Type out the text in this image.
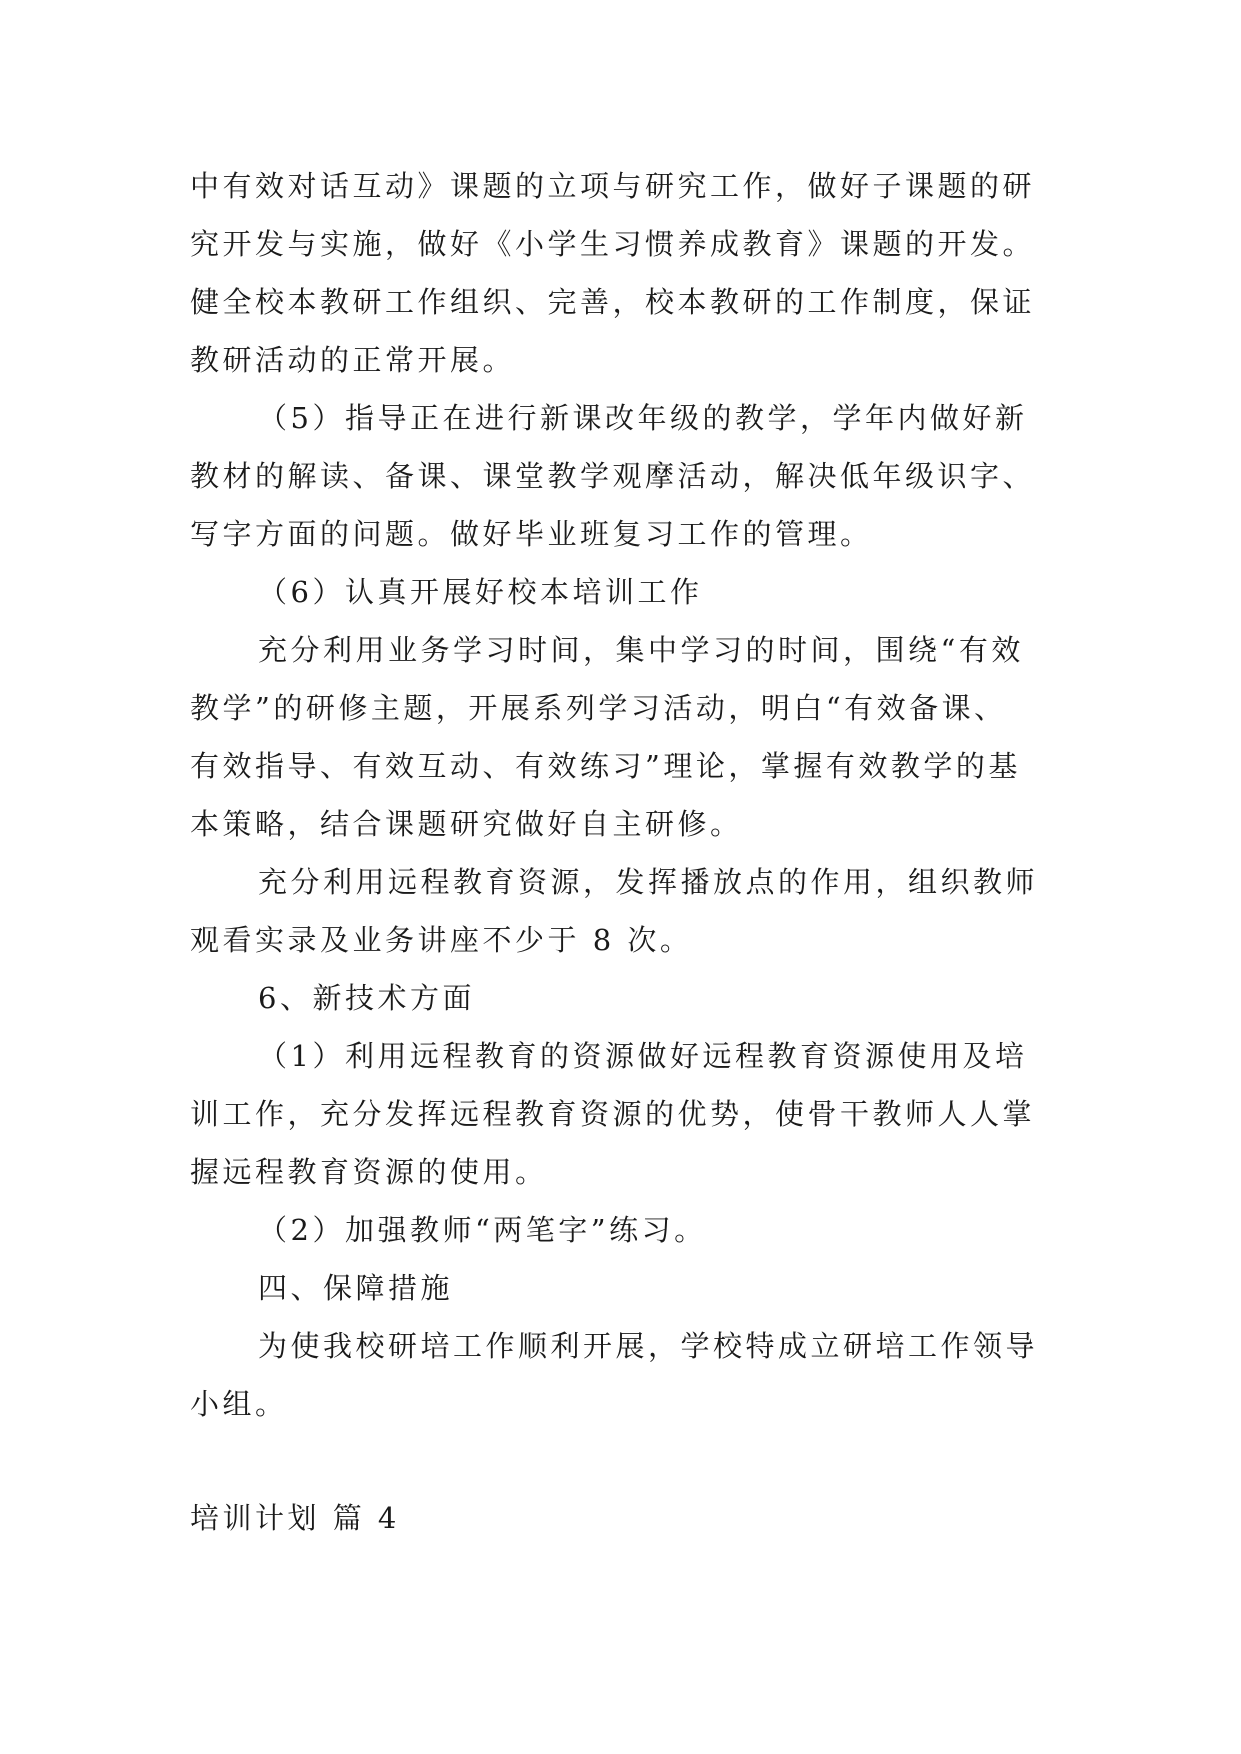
中有效对话互动》课题的立项与研究工作，做好子课题的研
究开发与实施，做好《小学生习惯养成教育》课题的开发。
健全校本教研工作组织、完善，校本教研的工作制度，保证
教研活动的正常开展。
（5）指导正在进行新课改年级的教学，学年内做好新
教材的解读、备课、课堂教学观摩活动，解决低年级识字、
写字方面的问题。做好毕业班复习工作的管理。
（6）认真开展好校本培训工作
充分利用业务学习时间，集中学习的时间，围绕“有效
教学”的研修主题，开展系列学习活动，明白“有效备课、
有效指导、有效互动、有效练习”理论，掌握有效教学的基
本策略，结合课题研究做好自主研修。
充分利用远程教育资源，发挥播放点的作用，组织教师
观看实录及业务讲座不少于 8 次。
6、新技术方面
（1）利用远程教育的资源做好远程教育资源使用及培
训工作，充分发挥远程教育资源的优势，使骨干教师人人掌
握远程教育资源的使用。
（2）加强教师“两笔字”练习。
四、保障措施
为使我校研培工作顺利开展，学校特成立研培工作领导
小组。
培训计划 篇 4
